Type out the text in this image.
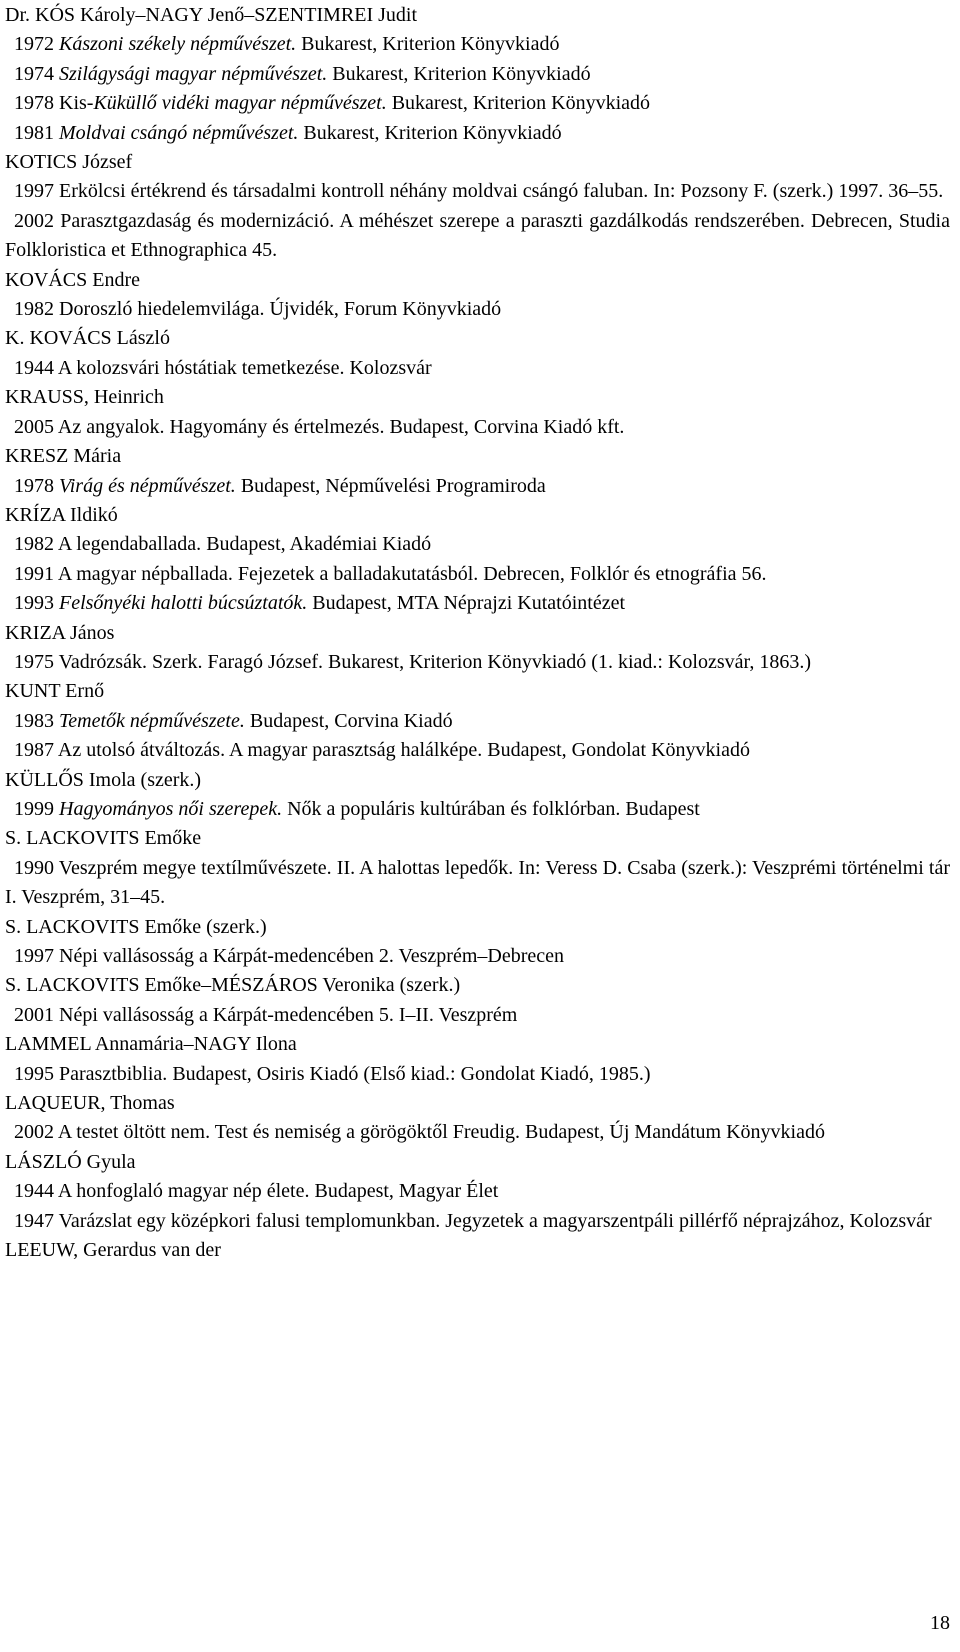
Dr. KÓS Károly–NAGY Jenő–SZENTIMREI Judit
1972 Kászoni székely népművészet. Bukarest, Kriterion Könyvkiadó
1974 Szilágysági magyar népművészet. Bukarest, Kriterion Könyvkiadó
1978 Kis-Küküllő vidéki magyar népművészet. Bukarest, Kriterion Könyvkiadó
1981 Moldvai csángó népművészet. Bukarest, Kriterion Könyvkiadó
KOTICS József
1997 Erkölcsi értékrend és társadalmi kontroll néhány moldvai csángó faluban. In: Pozsony F. (szerk.) 1997. 36–55.
2002 Parasztgazdaság és modernizáció. A méhészet szerepe a paraszti gazdálkodás rendszerében. Debrecen, Studia Folkloristica et Ethnographica 45.
KOVÁCS Endre
1982 Doroszló hiedelemvilága. Újvidék, Forum Könyvkiadó
K. KOVÁCS László
1944 A kolozsvári hóstátiak temetkezése. Kolozsvár
KRAUSS, Heinrich
2005 Az angyalok. Hagyomány és értelmezés. Budapest, Corvina Kiadó kft.
KRESZ Mária
1978 Virág és népművészet. Budapest, Népművelési Programiroda
KRÍZA Ildikó
1982 A legendaballada. Budapest, Akadémiai Kiadó
1991 A magyar népballada. Fejezetek a balladakutatásból. Debrecen, Folklór és etnográfia 56.
1993 Felsőnyéki halotti búcsúztatók. Budapest, MTA Néprajzi Kutatóintézet
KRIZA János
1975 Vadrózsák. Szerk. Faragó József. Bukarest, Kriterion Könyvkiadó (1. kiad.: Kolozsvár, 1863.)
KUNT Ernő
1983 Temetők népművészete. Budapest, Corvina Kiadó
1987 Az utolsó átváltozás. A magyar parasztság halálképe. Budapest, Gondolat Könyvkiadó
KÜLLŐS Imola (szerk.)
1999 Hagyományos női szerepek. Nők a populáris kultúrában és folklórban. Budapest
S. LACKOVITS Emőke
1990 Veszprém megye textílművészete. II. A halottas lepedők. In: Veress D. Csaba (szerk.): Veszprémi történelmi tár I. Veszprém, 31–45.
S. LACKOVITS Emőke (szerk.)
1997 Népi vallásosság a Kárpát-medencében 2. Veszprém–Debrecen
S. LACKOVITS Emőke–MÉSZÁROS Veronika (szerk.)
2001 Népi vallásosság a Kárpát-medencében 5. I–II. Veszprém
LAMMEL Annamária–NAGY Ilona
1995 Parasztbiblia. Budapest, Osiris Kiadó (Első kiad.: Gondolat Kiadó, 1985.)
LAQUEUR, Thomas
2002 A testet öltött nem. Test és nemiség a görögöktől Freudig. Budapest, Új Mandátum Könyvkiadó
LÁSZLÓ Gyula
1944 A honfoglaló magyar nép élete. Budapest, Magyar Élet
1947 Varázslat egy középkori falusi templomunkban. Jegyzetek a magyarszentpáli pillérfő néprajzához, Kolozsvár
LEEUW, Gerardus van der
18
